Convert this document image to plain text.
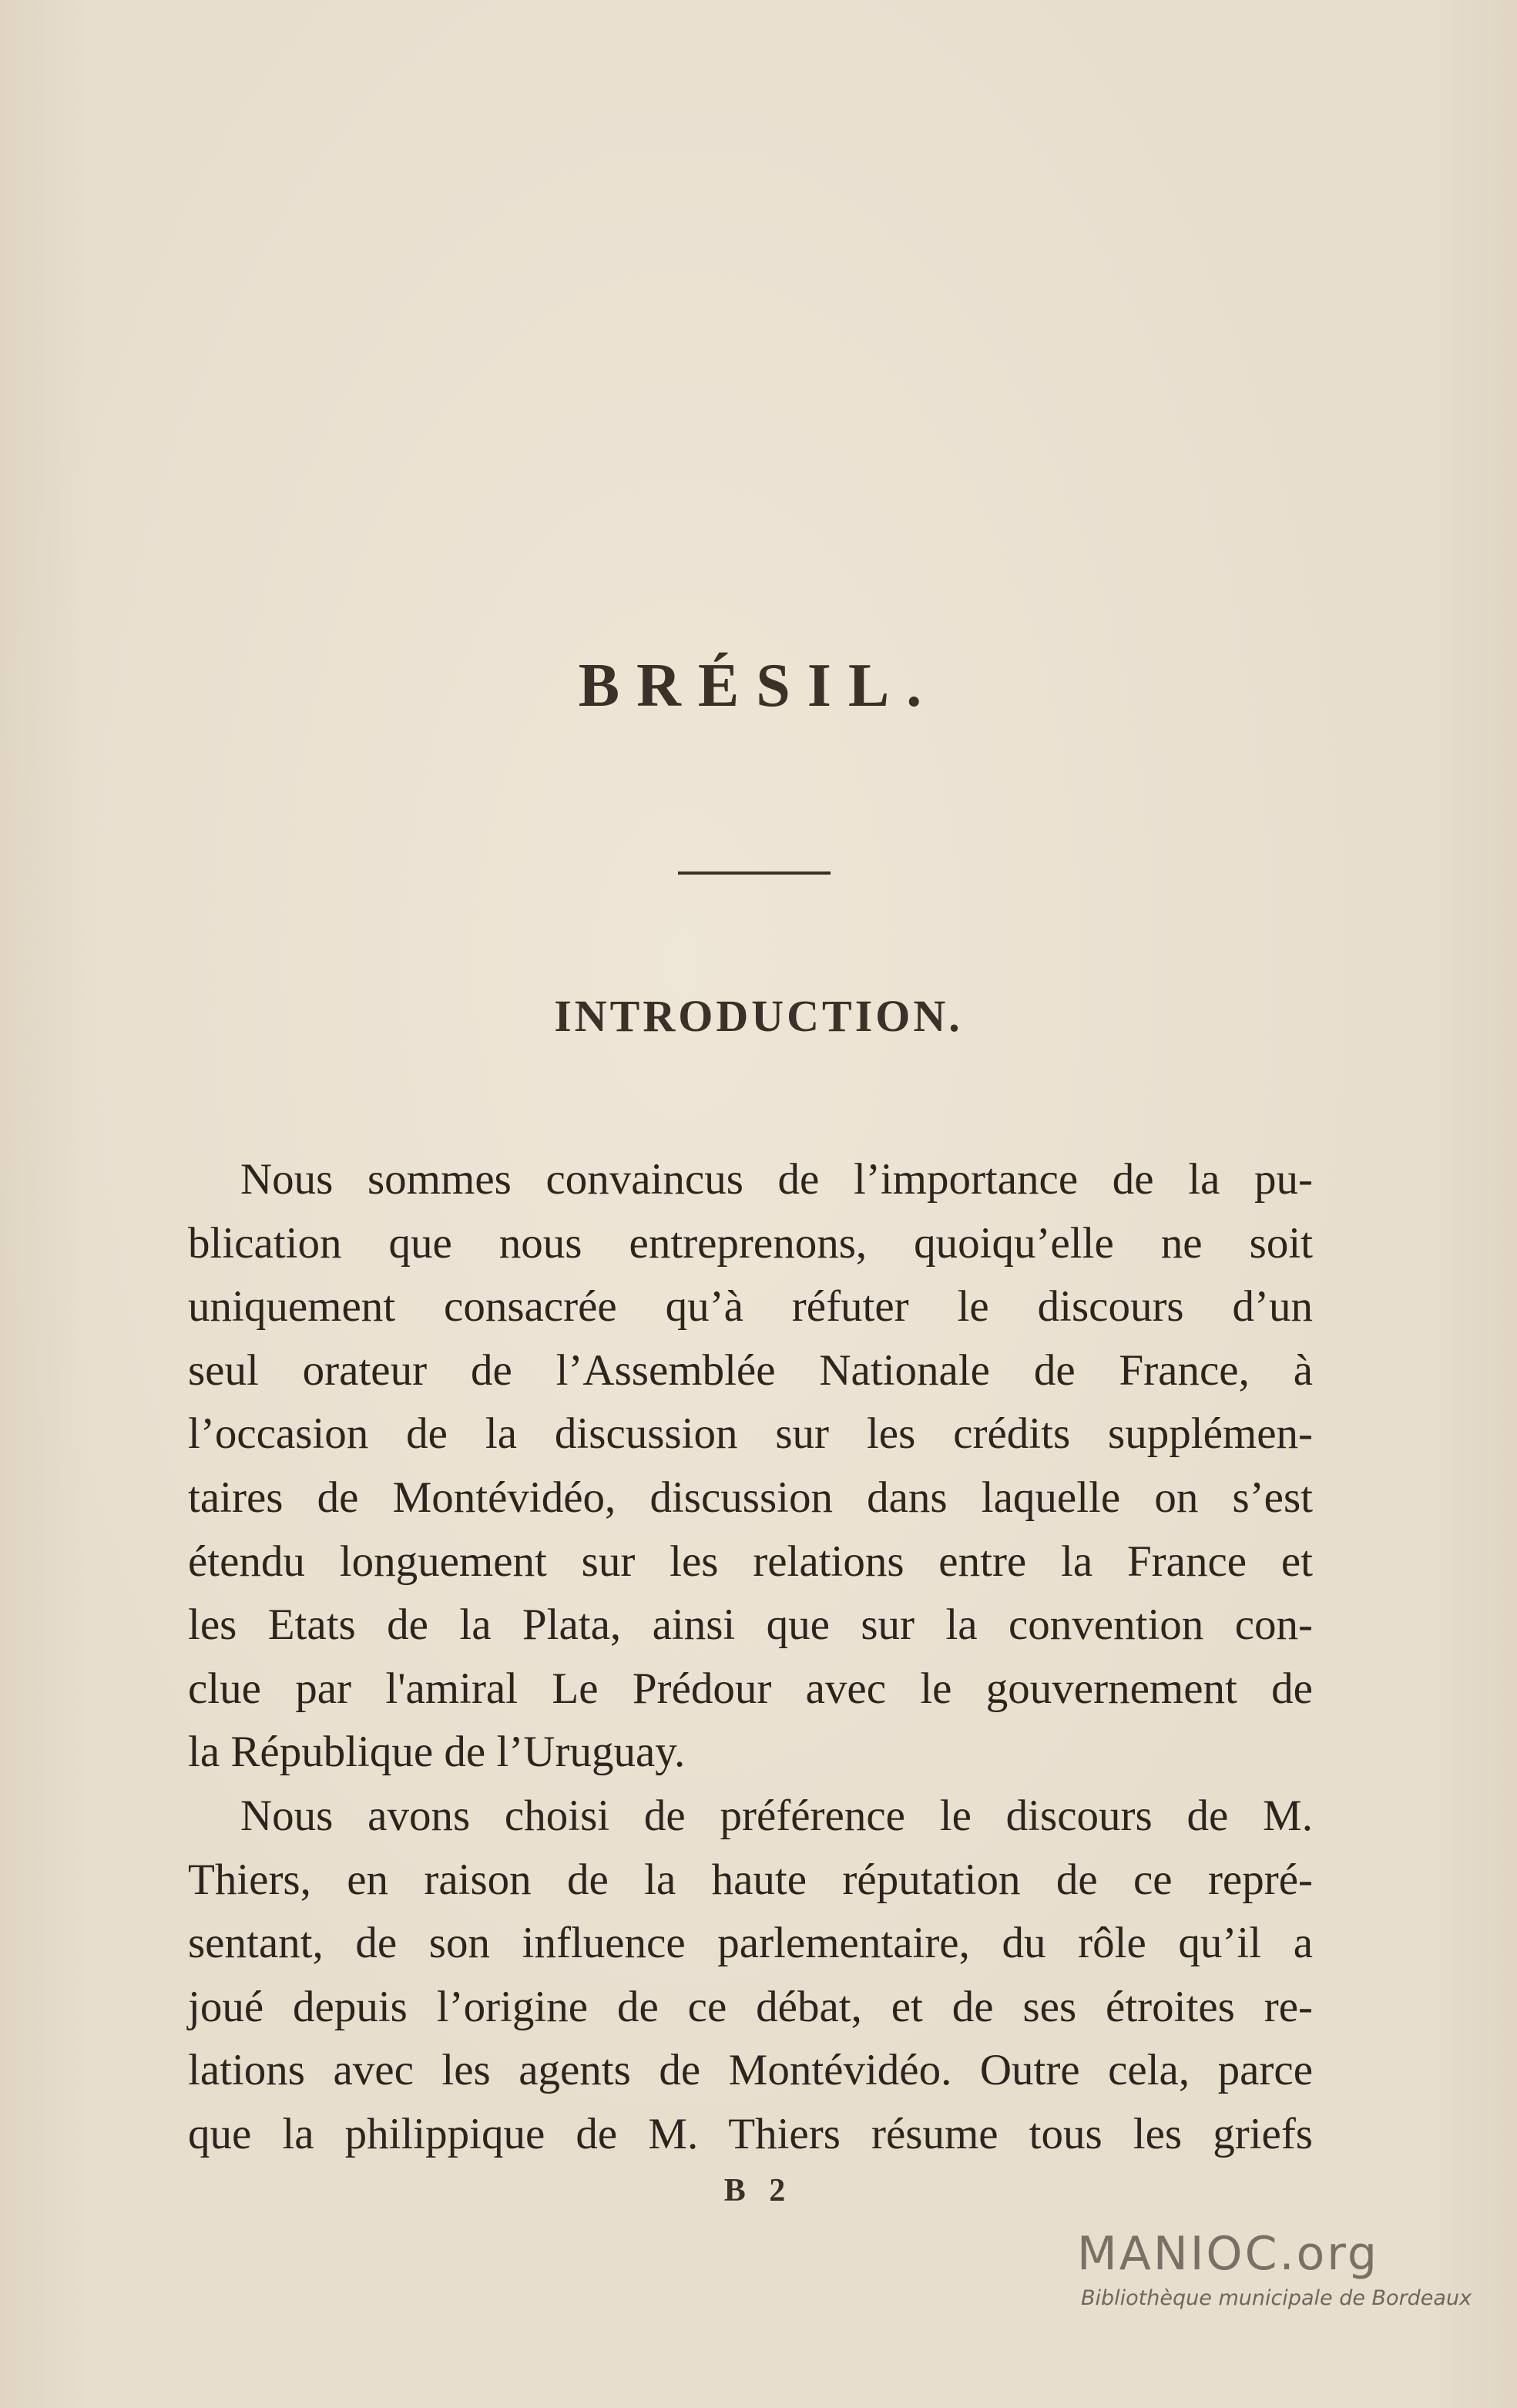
BRÉSIL.
INTRODUCTION.
Nous sommes convaincus de l’importance de la pu-
blication que nous entreprenons, quoiqu’elle ne soit
uniquement consacrée qu’à réfuter le discours d’un
seul orateur de l’Assemblée Nationale de France, à
l’occasion de la discussion sur les crédits supplémen-
taires de Montévidéo, discussion dans laquelle on s’est
étendu longuement sur les relations entre la France et
les Etats de la Plata, ainsi que sur la convention con-
clue par l'amiral Le Prédour avec le gouvernement de
la République de l’Uruguay.
Nous avons choisi de préférence le discours de M.
Thiers, en raison de la haute réputation de ce repré-
sentant, de son influence parlementaire, du rôle qu’il a
joué depuis l’origine de ce débat, et de ses étroites re-
lations avec les agents de Montévidéo. Outre cela, parce
que la philippique de M. Thiers résume tous les griefs
B 2
MANIOC.org
Bibliothèque municipale de Bordeaux
